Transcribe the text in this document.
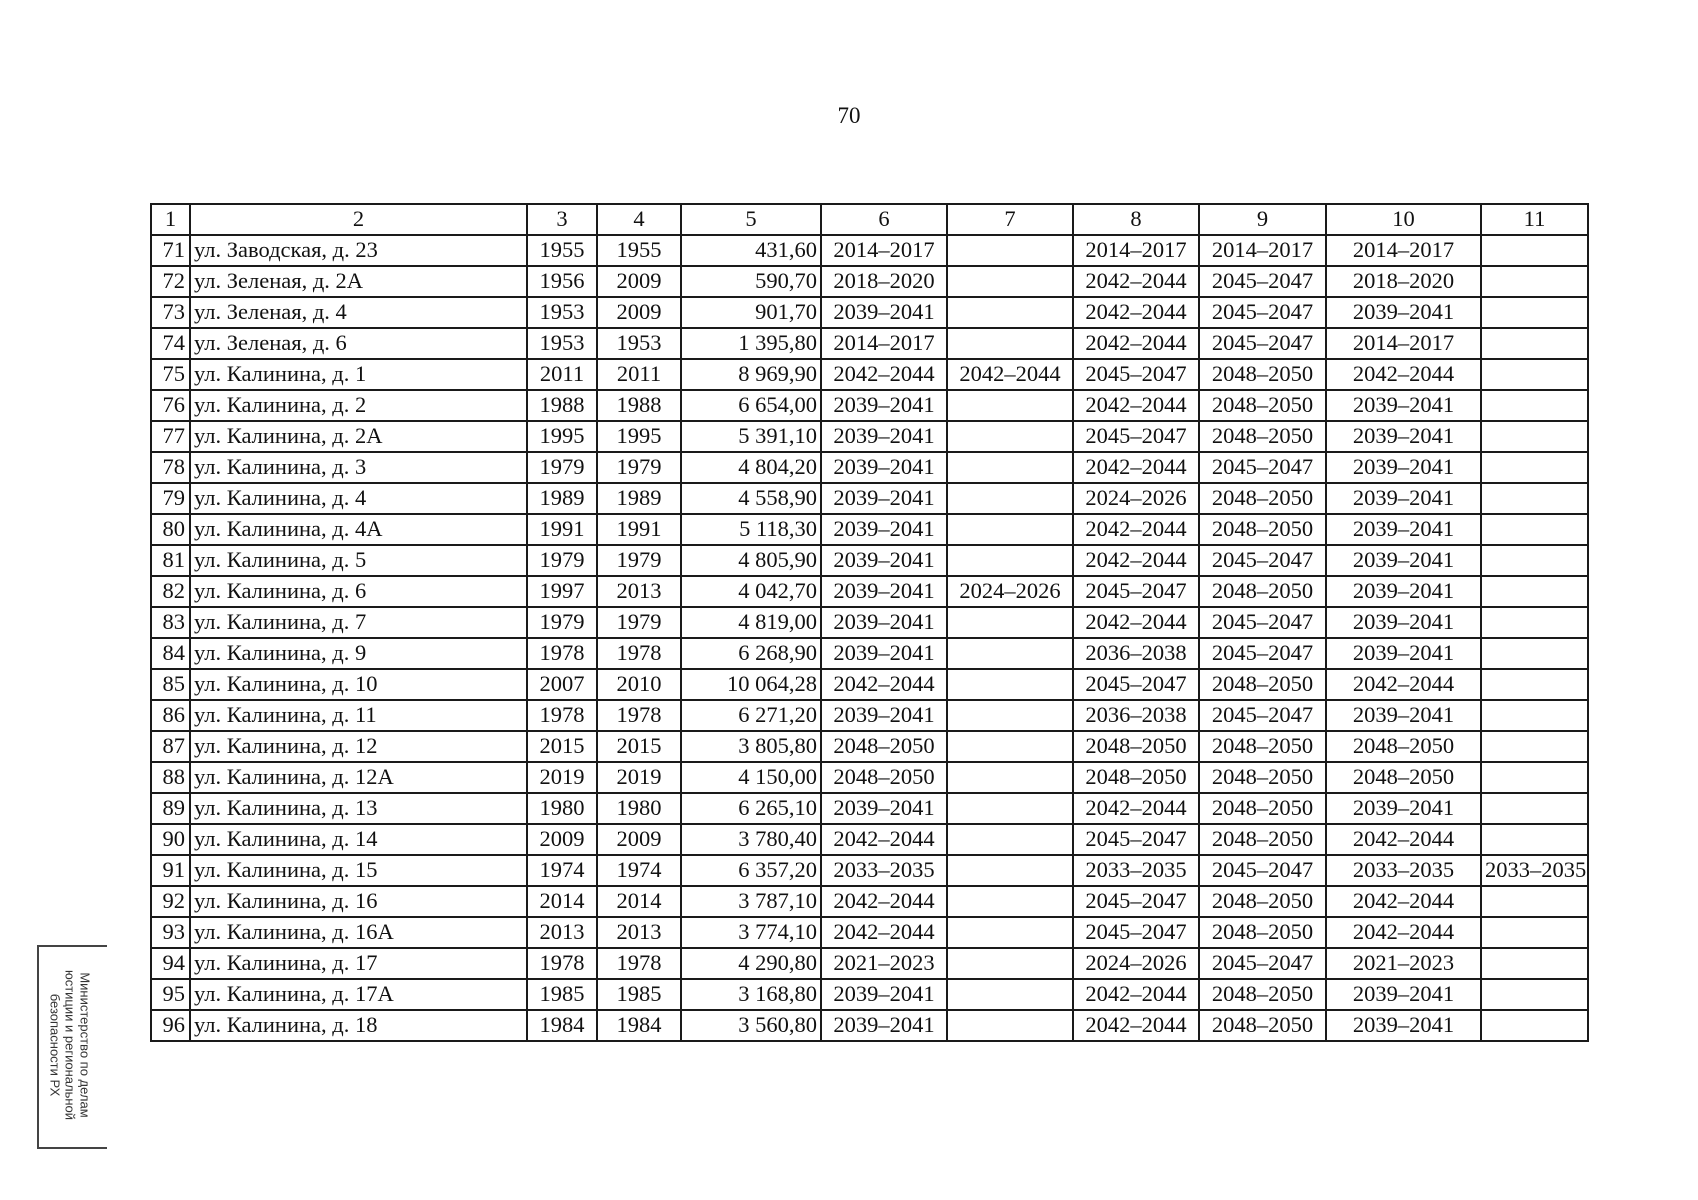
70
1	2	3	4	5	6	7	8	9	10	11
71	ул. Заводская, д. 23	1955	1955	431,60	2014–2017		2014–2017	2014–2017	2014–2017	
72	ул. Зеленая, д. 2А	1956	2009	590,70	2018–2020		2042–2044	2045–2047	2018–2020	
73	ул. Зеленая, д. 4	1953	2009	901,70	2039–2041		2042–2044	2045–2047	2039–2041	
74	ул. Зеленая, д. 6	1953	1953	1 395,80	2014–2017		2042–2044	2045–2047	2014–2017	
75	ул. Калинина, д. 1	2011	2011	8 969,90	2042–2044	2042–2044	2045–2047	2048–2050	2042–2044	
76	ул. Калинина, д. 2	1988	1988	6 654,00	2039–2041		2042–2044	2048–2050	2039–2041	
77	ул. Калинина, д. 2А	1995	1995	5 391,10	2039–2041		2045–2047	2048–2050	2039–2041	
78	ул. Калинина, д. 3	1979	1979	4 804,20	2039–2041		2042–2044	2045–2047	2039–2041	
79	ул. Калинина, д. 4	1989	1989	4 558,90	2039–2041		2024–2026	2048–2050	2039–2041	
80	ул. Калинина, д. 4А	1991	1991	5 118,30	2039–2041		2042–2044	2048–2050	2039–2041	
81	ул. Калинина, д. 5	1979	1979	4 805,90	2039–2041		2042–2044	2045–2047	2039–2041	
82	ул. Калинина, д. 6	1997	2013	4 042,70	2039–2041	2024–2026	2045–2047	2048–2050	2039–2041	
83	ул. Калинина, д. 7	1979	1979	4 819,00	2039–2041		2042–2044	2045–2047	2039–2041	
84	ул. Калинина, д. 9	1978	1978	6 268,90	2039–2041		2036–2038	2045–2047	2039–2041	
85	ул. Калинина, д. 10	2007	2010	10 064,28	2042–2044		2045–2047	2048–2050	2042–2044	
86	ул. Калинина, д. 11	1978	1978	6 271,20	2039–2041		2036–2038	2045–2047	2039–2041	
87	ул. Калинина, д. 12	2015	2015	3 805,80	2048–2050		2048–2050	2048–2050	2048–2050	
88	ул. Калинина, д. 12А	2019	2019	4 150,00	2048–2050		2048–2050	2048–2050	2048–2050	
89	ул. Калинина, д. 13	1980	1980	6 265,10	2039–2041		2042–2044	2048–2050	2039–2041	
90	ул. Калинина, д. 14	2009	2009	3 780,40	2042–2044		2045–2047	2048–2050	2042–2044	
91	ул. Калинина, д. 15	1974	1974	6 357,20	2033–2035		2033–2035	2045–2047	2033–2035	2033–2035
92	ул. Калинина, д. 16	2014	2014	3 787,10	2042–2044		2045–2047	2048–2050	2042–2044	
93	ул. Калинина, д. 16А	2013	2013	3 774,10	2042–2044		2045–2047	2048–2050	2042–2044	
94	ул. Калинина, д. 17	1978	1978	4 290,80	2021–2023		2024–2026	2045–2047	2021–2023	
95	ул. Калинина, д. 17А	1985	1985	3 168,80	2039–2041		2042–2044	2048–2050	2039–2041	
96	ул. Калинина, д. 18	1984	1984	3 560,80	2039–2041		2042–2044	2048–2050	2039–2041	
Министерство по делам
юстиции и региональной
безопасности РХ
